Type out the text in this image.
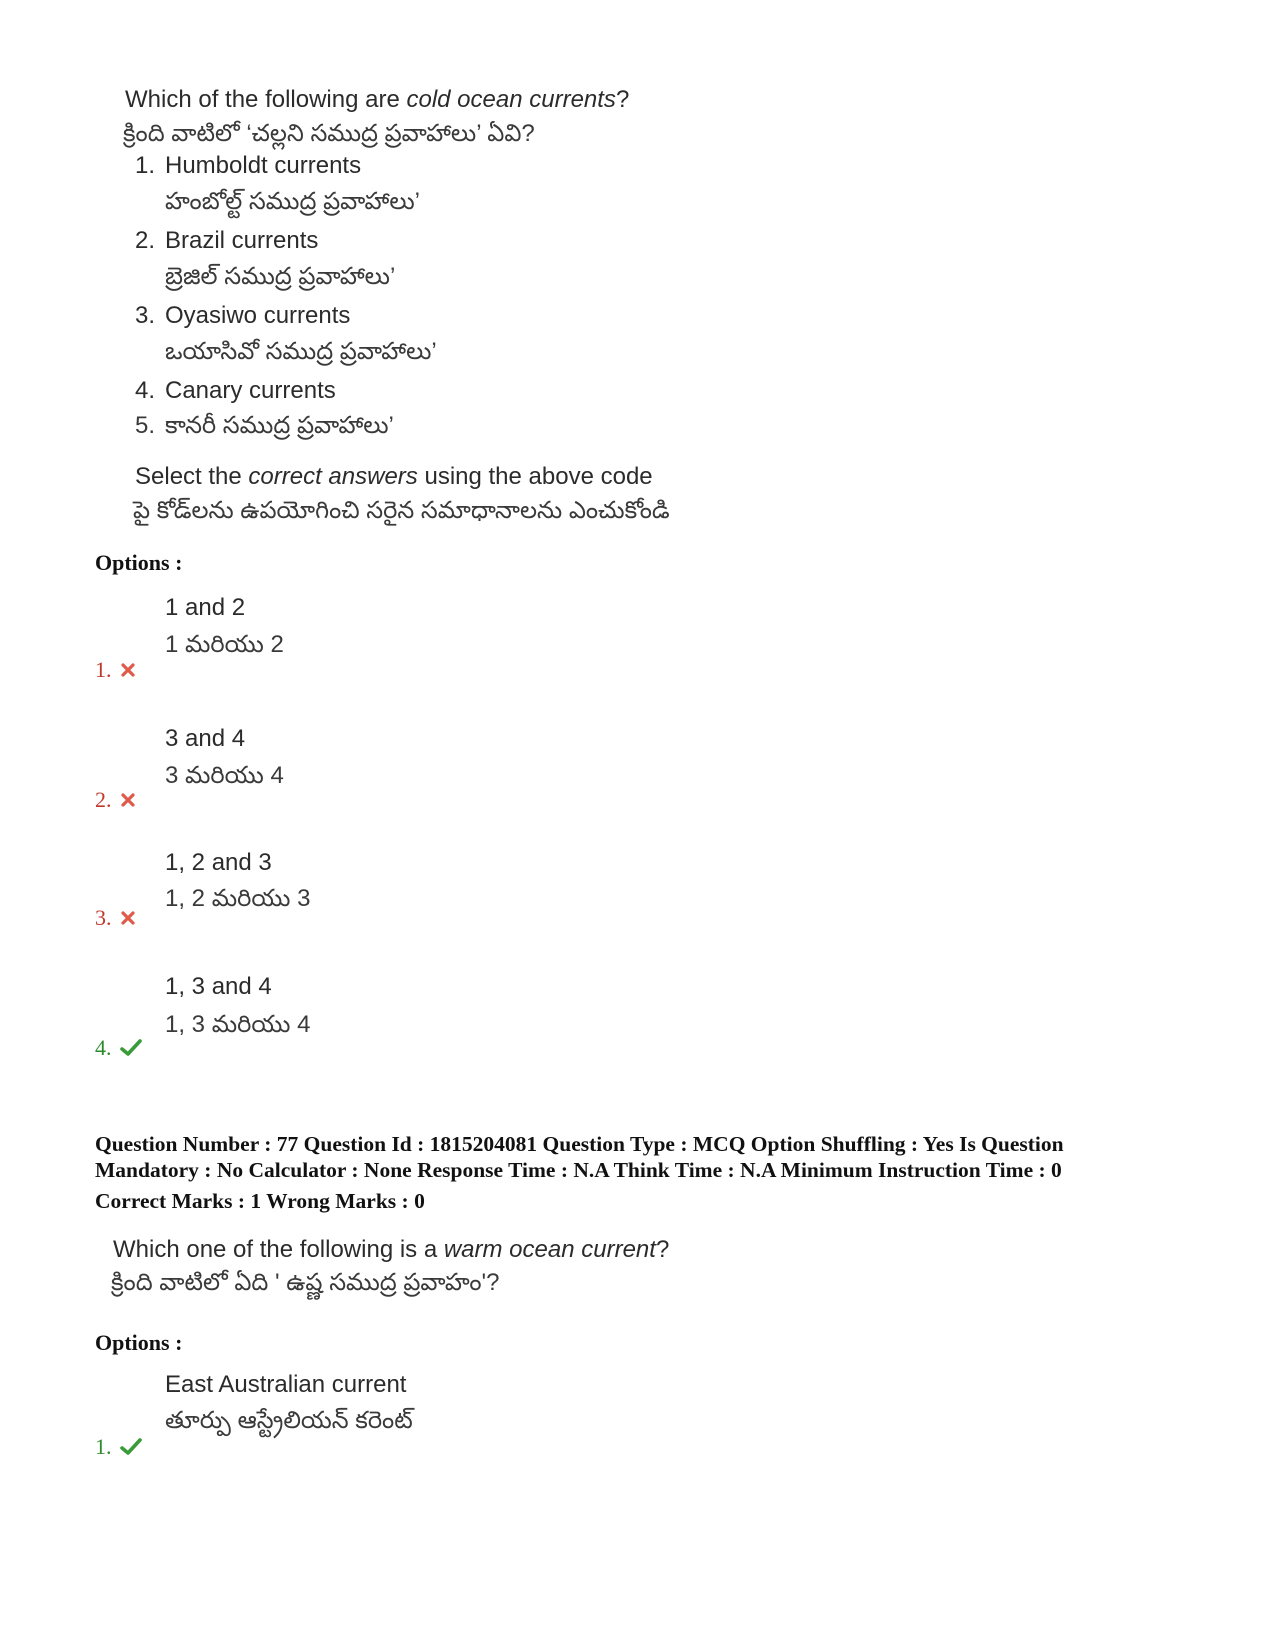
Which of the following are cold ocean currents?
క్రింది వాటిలో ‘చల్లని సముద్ర ప్రవాహాలు’ ఏవి?
1. Humboldt currents
హంబోల్ట్ సముద్ర ప్రవాహాలు’
2. Brazil currents
బ్రెజిల్ సముద్ర ప్రవాహాలు’
3. Oyasiwo currents
ఒయాసివో సముద్ర ప్రవాహాలు’
4. Canary currents
5. కానరీ సముద్ర ప్రవాహాలు’
Select the correct answers using the above code
పై కోడ్‌లను ఉపయోగించి సరైన సమాధానాలను ఎంచుకోండి
Options :
1 and 2
1 మరియు 2
1.
3 and 4
3 మరియు 4
2.
1, 2 and 3
1, 2 మరియు 3
3.
1, 3 and 4
1, 3 మరియు 4
4.
Question Number : 77 Question Id : 1815204081 Question Type : MCQ Option Shuffling : Yes Is Question
Mandatory : No Calculator : None Response Time : N.A Think Time : N.A Minimum Instruction Time : 0
Correct Marks : 1 Wrong Marks : 0
Which one of the following is a warm ocean current?
క్రింది వాటిలో ఏది ' ఉష్ణ సముద్ర ప్రవాహం'?
Options :
East Australian current
తూర్పు ఆస్ట్రేలియన్ కరెంట్
1.
